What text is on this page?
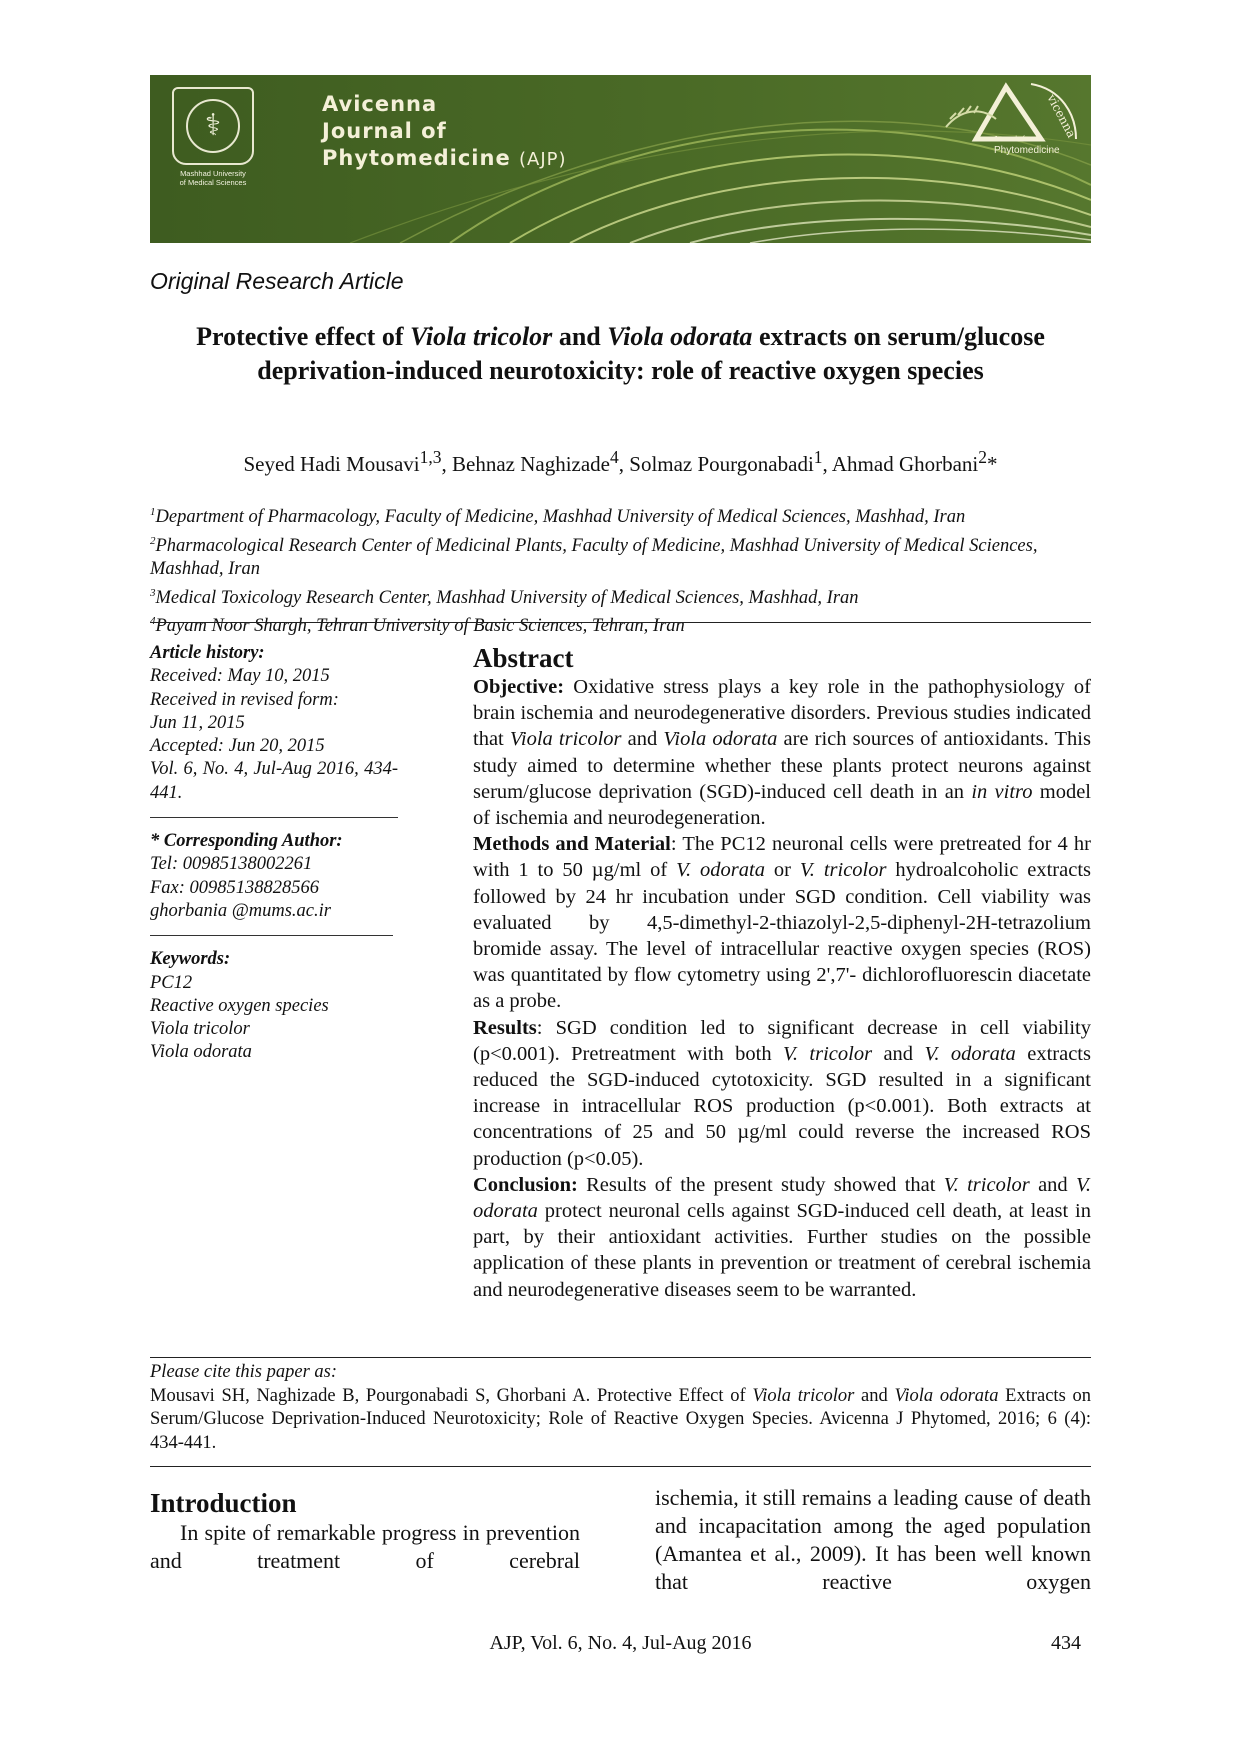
⚕
Mashhad University
of Medical Sciences
Avicenna
Journal of
Phytomedicine (AJP)
vicenna
Journal of
Phytomedicine
Original Research Article
Protective effect of Viola tricolor and Viola odorata extracts on serum/glucose deprivation-induced neurotoxicity: role of reactive oxygen species
Seyed Hadi Mousavi$^{1,3}$, Behnaz Naghizade$^4$, Solmaz Pourgonabadi$^1$, Ahmad Ghorbani$^2$*
$^1$Department of Pharmacology, Faculty of Medicine, Mashhad University of Medical Sciences, Mashhad, Iran
$^2$Pharmacological Research Center of Medicinal Plants, Faculty of Medicine, Mashhad University of Medical Sciences, Mashhad, Iran
$^3$Medical Toxicology Research Center, Mashhad University of Medical Sciences, Mashhad, Iran
$^4$Payam Noor Shargh, Tehran University of Basic Sciences, Tehran, Iran
Article history:
Received: May 10, 2015
Received in revised form:
Jun 11, 2015
Accepted: Jun 20, 2015
Vol. 6, No. 4, Jul-Aug 2016, 434-441.
* Corresponding Author:
Tel: 00985138002261
Fax: 00985138828566
ghorbania @mums.ac.ir
Keywords:
PC12
Reactive oxygen species
Viola tricolor
Viola odorata
Abstract

Objective: Oxidative stress plays a key role in the pathophysiology of brain ischemia and neurodegenerative disorders. Previous studies indicated that Viola tricolor and Viola odorata are rich sources of antioxidants. This study aimed to determine whether these plants protect neurons against serum/glucose deprivation (SGD)-induced cell death in an in vitro model of ischemia and neurodegeneration.

Methods and Material: The PC12 neuronal cells were pretreated for 4 hr with 1 to 50 µg/ml of V. odorata or V. tricolor hydroalcoholic extracts followed by 24 hr incubation under SGD condition. Cell viability was evaluated by 4,5-dimethyl-2-thiazolyl-2,5-diphenyl-2H-tetrazolium bromide assay. The level of intracellular reactive oxygen species (ROS) was quantitated by flow cytometry using 2',7'- dichlorofluorescin diacetate as a probe.

Results: SGD condition led to significant decrease in cell viability (p<0.001). Pretreatment with both V. tricolor and V. odorata extracts reduced the SGD-induced cytotoxicity. SGD resulted in a significant increase in intracellular ROS production (p<0.001). Both extracts at concentrations of 25 and 50 µg/ml could reverse the increased ROS production (p<0.05).

Conclusion: Results of the present study showed that V. tricolor and V. odorata protect neuronal cells against SGD-induced cell death, at least in part, by their antioxidant activities. Further studies on the possible application of these plants in prevention or treatment of cerebral ischemia and neurodegenerative diseases seem to be warranted.

Please cite this paper as:
Mousavi SH, Naghizade B, Pourgonabadi S, Ghorbani A. Protective Effect of Viola tricolor and Viola odorata Extracts on Serum/Glucose Deprivation-Induced Neurotoxicity; Role of Reactive Oxygen Species. Avicenna J Phytomed, 2016; 6 (4): 434-441.
Introduction

In spite of remarkable progress in prevention and treatment of cerebral

ischemia, it still remains a leading cause of death and incapacitation among the aged population (Amantea et al., 2009). It has been well known that reactive oxygen
AJP, Vol. 6, No. 4, Jul-Aug 2016	434
